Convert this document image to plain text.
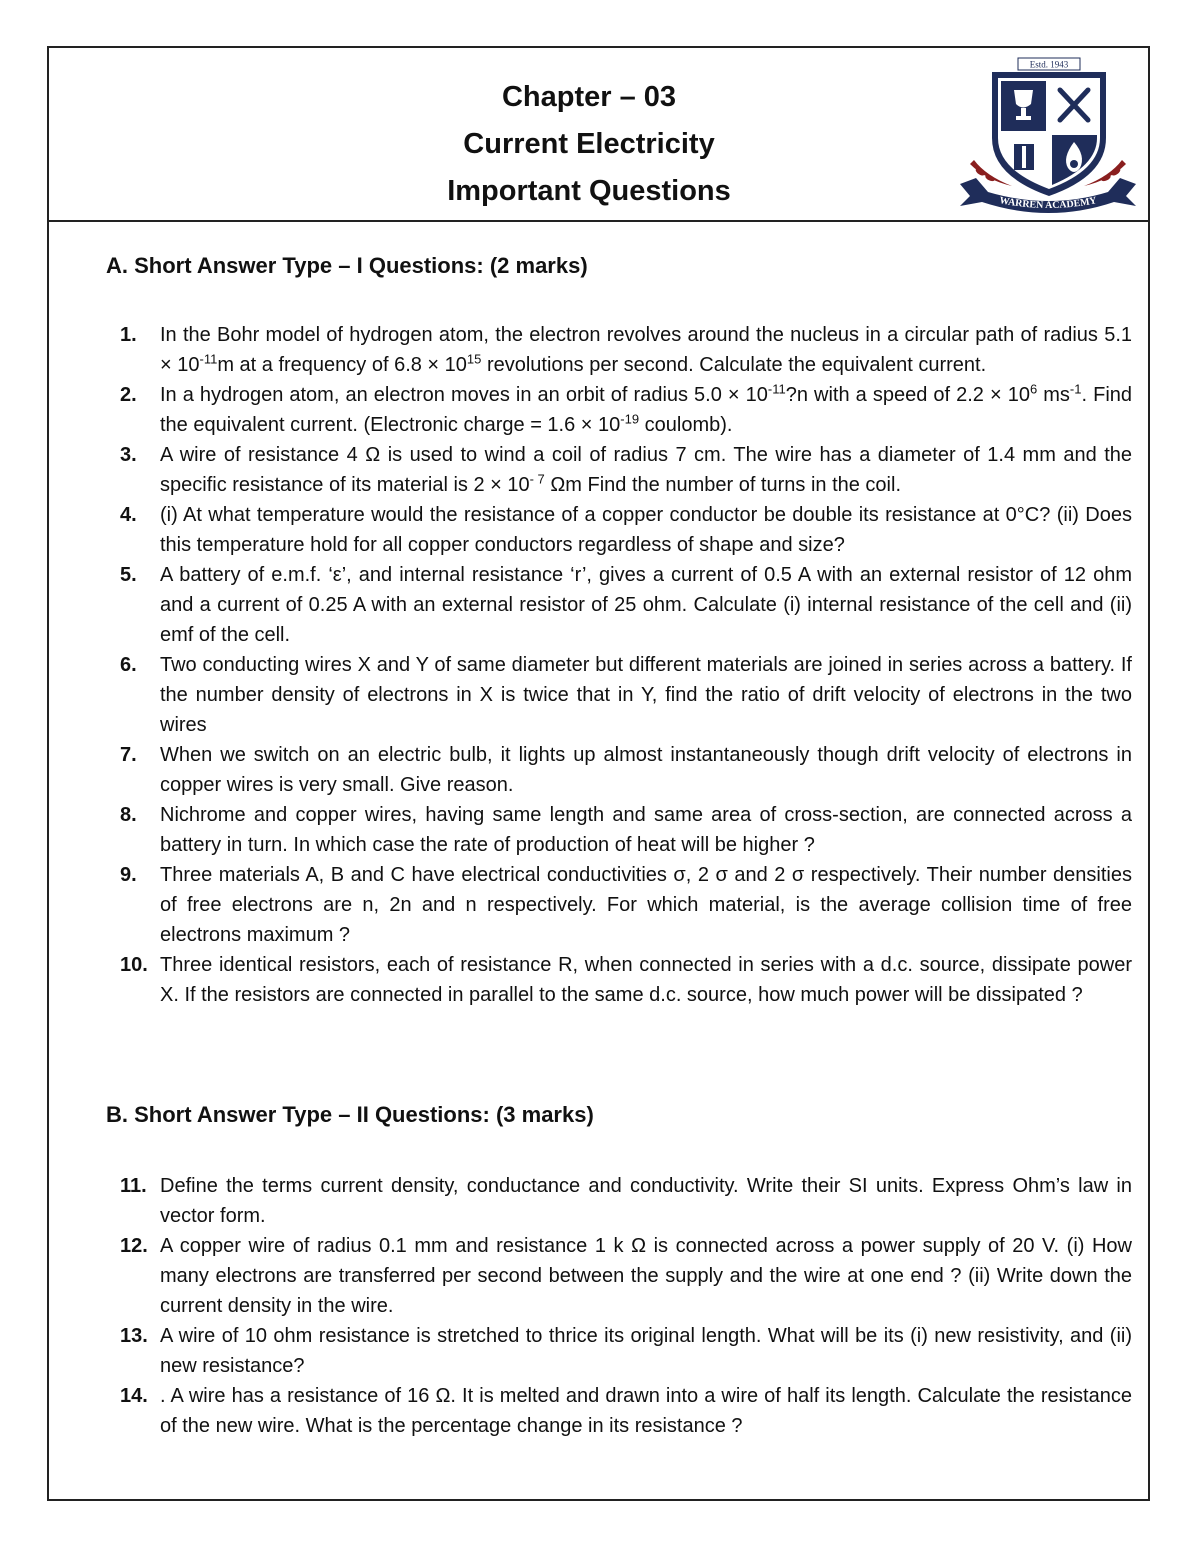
Chapter – 03
Current Electricity
Important Questions
Estd. 1943
WARREN ACADEMY
A. Short Answer Type – I Questions: (2 marks)
1. In the Bohr model of hydrogen atom, the electron revolves around the nucleus in a circular path of radius $5.1 \times 10^{-11}m$ at a frequency of $6.8 \times 10^{15}$ revolutions per second. Calculate the equivalent current.
2. In a hydrogen atom, an electron moves in an orbit of radius $5.0 \times 10^{-11}?n$ with a speed of $2.2 \times 10^6$ $ms^{-1}$. Find the equivalent current. (Electronic charge = $1.6 \times 10^{-19}$ coulomb).
3. A wire of resistance 4 Ω is used to wind a coil of radius 7 cm. The wire has a diameter of 1.4 mm and the specific resistance of its material is $2 \times 10^{- 7}$ Ωm Find the number of turns in the coil.
4. (i) At what temperature would the resistance of a copper conductor be double its resistance at 0°C? (ii) Does this temperature hold for all copper conductors regardless of shape and size?
5. A battery of e.m.f. ‘ε’, and internal resistance ‘r’, gives a current of 0.5 A with an external resistor of 12 ohm and a current of 0.25 A with an external resistor of 25 ohm. Calculate (i) internal resistance of the cell and (ii) emf of the cell.
6. Two conducting wires X and Y of same diameter but different materials are joined in series across a battery. If the number density of electrons in X is twice that in Y, find the ratio of drift velocity of electrons in the two wires
7. When we switch on an electric bulb, it lights up almost instantaneously though drift velocity of electrons in copper wires is very small. Give reason.
8. Nichrome and copper wires, having same length and same area of cross-section, are connected across a battery in turn. In which case the rate of production of heat will be higher ?
9. Three materials A, B and C have electrical conductivities σ, 2 σ and 2 σ respectively. Their number densities of free electrons are n, 2n and n respectively. For which material, is the average collision time of free electrons maximum ?
10. Three identical resistors, each of resistance R, when connected in series with a d.c. source, dissipate power X. If the resistors are connected in parallel to the same d.c. source, how much power will be dissipated ?
B. Short Answer Type – II Questions: (3 marks)
11. Define the terms current density, conductance and conductivity. Write their SI units. Express Ohm’s law in vector form.
12. A copper wire of radius 0.1 mm and resistance 1 k Ω is connected across a power supply of 20 V. (i) How many electrons are transferred per second between the supply and the wire at one end ? (ii) Write down the current density in the wire.
13. A wire of 10 ohm resistance is stretched to thrice its original length. What will be its (i) new resistivity, and (ii) new resistance?
14. . A wire has a resistance of 16 Ω. It is melted and drawn into a wire of half its length. Calculate the resistance of the new wire. What is the percentage change in its resistance ?
